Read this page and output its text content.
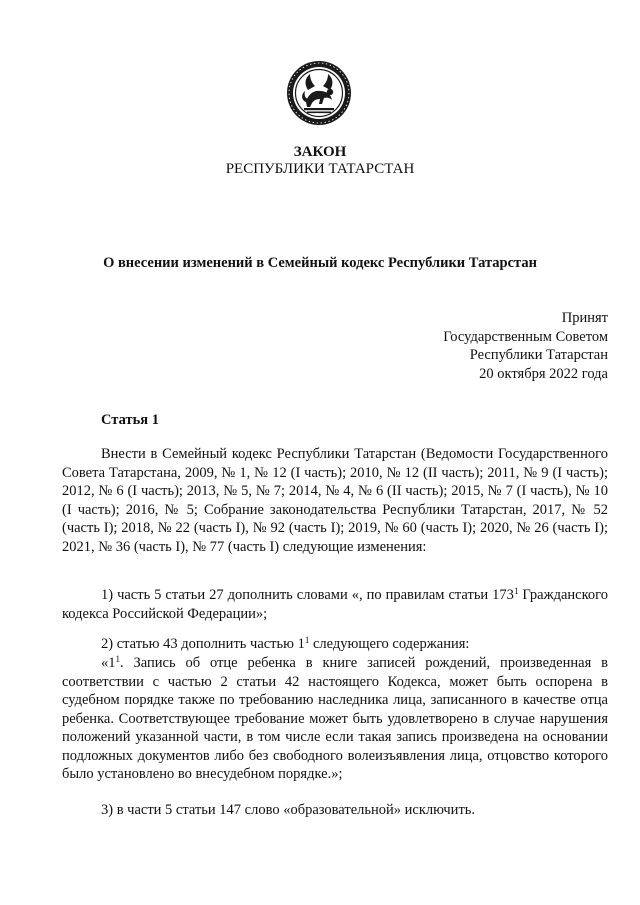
ЗАКОН
РЕСПУБЛИКИ ТАТАРСТАН
О внесении изменений в Семейный кодекс Республики Татарстан
Принят
Государственным Советом
Республики Татарстан
20 октября 2022 года
Статья 1
Внести в Семейный кодекс Республики Татарстан (Ведомости Государственного Совета Татарстана, 2009, № 1, № 12 (I часть); 2010, № 12 (II часть); 2011, № 9 (I часть); 2012, № 6 (I часть); 2013, № 5, № 7; 2014, № 4, № 6 (II часть); 2015, № 7 (I часть), № 10 (I часть); 2016, № 5; Собрание законодательства Республики Татарстан, 2017, № 52 (часть I); 2018, № 22 (часть I), № 92 (часть I); 2019, № 60 (часть I); 2020, № 26 (часть I); 2021, № 36 (часть I), № 77 (часть I) следующие изменения:
1) часть 5 статьи 27 дополнить словами «, по правилам статьи $173^1$ Гражданского кодекса Российской Федерации»;
2) статью 43 дополнить частью $1^1$ следующего содержания:
«$1^1$. Запись об отце ребенка в книге записей рождений, произведенная в соответствии с частью 2 статьи 42 настоящего Кодекса, может быть оспорена в судебном порядке также по требованию наследника лица, записанного в качестве отца ребенка. Соответствующее требование может быть удовлетворено в случае нарушения положений указанной части, в том числе если такая запись произведена на основании подложных документов либо без свободного волеизъявления лица, отцовство которого было установлено во внесудебном порядке.»;
3) в части 5 статьи 147 слово «образовательной» исключить.
